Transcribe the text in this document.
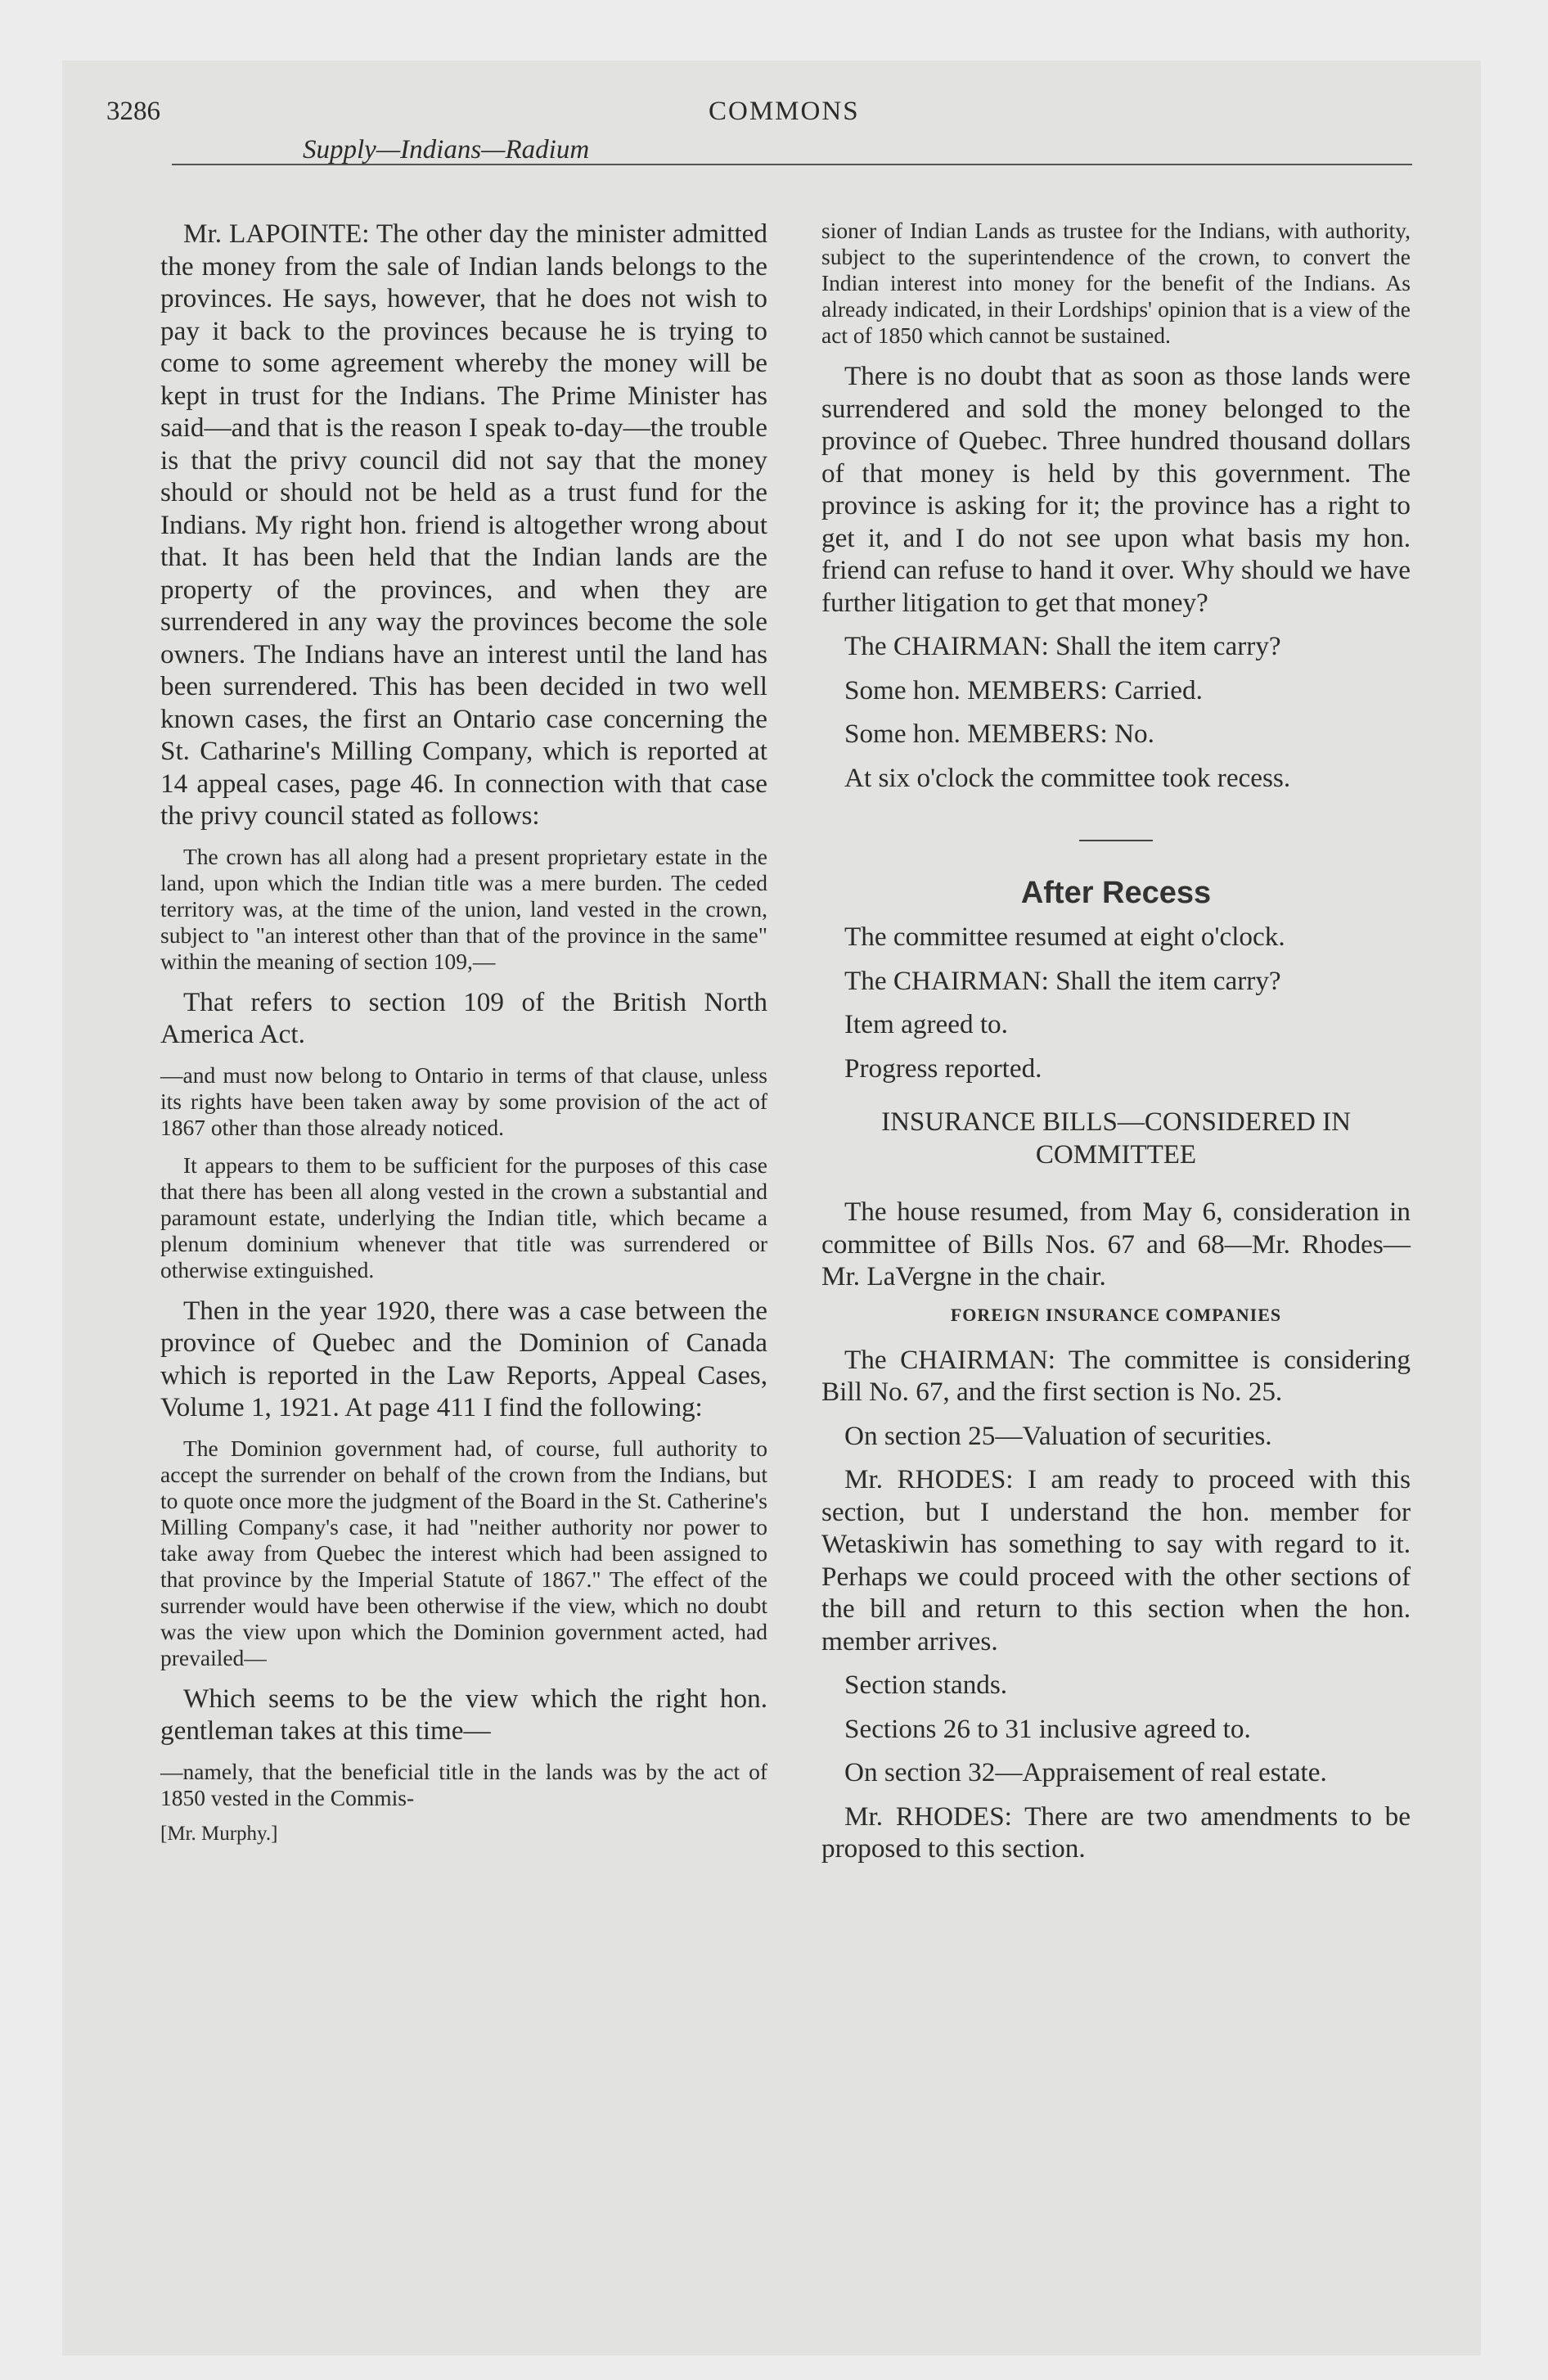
3286	COMMONS
Supply—Indians—Radium

Mr. LAPOINTE: The other day the minister admitted the money from the sale of Indian lands belongs to the provinces. He says, however, that he does not wish to pay it back to the provinces because he is trying to come to some agreement whereby the money will be kept in trust for the Indians. The Prime Minister has said—and that is the reason I speak to-day—the trouble is that the privy council did not say that the money should or should not be held as a trust fund for the Indians. My right hon. friend is altogether wrong about that. It has been held that the Indian lands are the property of the provinces, and when they are surrendered in any way the provinces become the sole owners. The Indians have an interest until the land has been surrendered. This has been decided in two well known cases, the first an Ontario case concerning the St. Catharine's Milling Company, which is reported at 14 appeal cases, page 46. In connection with that case the privy council stated as follows:

The crown has all along had a present proprietary estate in the land, upon which the Indian title was a mere burden. The ceded territory was, at the time of the union, land vested in the crown, subject to "an interest other than that of the province in the same" within the meaning of section 109,—

That refers to section 109 of the British North America Act.

—and must now belong to Ontario in terms of that clause, unless its rights have been taken away by some provision of the act of 1867 other than those already noticed.

It appears to them to be sufficient for the purposes of this case that there has been all along vested in the crown a substantial and paramount estate, underlying the Indian title, which became a plenum dominium whenever that title was surrendered or otherwise extinguished.

Then in the year 1920, there was a case between the province of Quebec and the Dominion of Canada which is reported in the Law Reports, Appeal Cases, Volume 1, 1921. At page 411 I find the following:

The Dominion government had, of course, full authority to accept the surrender on behalf of the crown from the Indians, but to quote once more the judgment of the Board in the St. Catherine's Milling Company's case, it had "neither authority nor power to take away from Quebec the interest which had been assigned to that province by the Imperial Statute of 1867." The effect of the surrender would have been otherwise if the view, which no doubt was the view upon which the Dominion government acted, had prevailed—

Which seems to be the view which the right hon. gentleman takes at this time—

—namely, that the beneficial title in the lands was by the act of 1850 vested in the Commis-

[Mr. Murphy.]

sioner of Indian Lands as trustee for the Indians, with authority, subject to the superintendence of the crown, to convert the Indian interest into money for the benefit of the Indians. As already indicated, in their Lordships' opinion that is a view of the act of 1850 which cannot be sustained.

There is no doubt that as soon as those lands were surrendered and sold the money belonged to the province of Quebec. Three hundred thousand dollars of that money is held by this government. The province is asking for it; the province has a right to get it, and I do not see upon what basis my hon. friend can refuse to hand it over. Why should we have further litigation to get that money?

The CHAIRMAN: Shall the item carry?

Some hon. MEMBERS: Carried.

Some hon. MEMBERS: No.

At six o'clock the committee took recess.

After Recess

The committee resumed at eight o'clock.

The CHAIRMAN: Shall the item carry?

Item agreed to.

Progress reported.

INSURANCE BILLS—CONSIDERED IN COMMITTEE

The house resumed, from May 6, consideration in committee of Bills Nos. 67 and 68—Mr. Rhodes—Mr. LaVergne in the chair.

FOREIGN INSURANCE COMPANIES

The CHAIRMAN: The committee is considering Bill No. 67, and the first section is No. 25.

On section 25—Valuation of securities.

Mr. RHODES: I am ready to proceed with this section, but I understand the hon. member for Wetaskiwin has something to say with regard to it. Perhaps we could proceed with the other sections of the bill and return to this section when the hon. member arrives.

Section stands.

Sections 26 to 31 inclusive agreed to.

On section 32—Appraisement of real estate.

Mr. RHODES: There are two amendments to be proposed to this section.
